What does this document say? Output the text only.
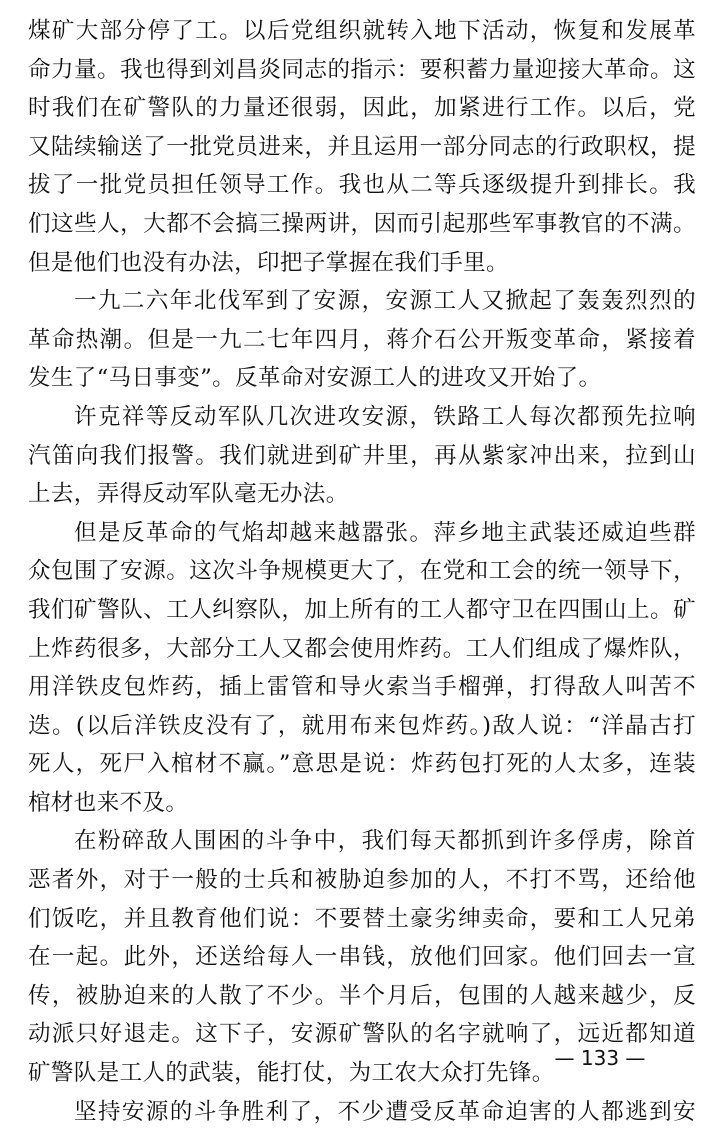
煤矿大部分停了工。以后党组织就转入地下活动，恢复和发展革
命力量。我也得到刘昌炎同志的指示：要积蓄力量迎接大革命。这
时我们在矿警队的力量还很弱，因此，加紧进行工作。以后，党
又陆续输送了一批党员进来，并且运用一部分同志的行政职权，提
拔了一批党员担任领导工作。我也从二等兵逐级提升到排长。我
们这些人，大都不会搞三操两讲，因而引起那些军事教官的不满。
但是他们也没有办法，印把子掌握在我们手里。
一九二六年北伐军到了安源，安源工人又掀起了轰轰烈烈的
革命热潮。但是一九二七年四月，蒋介石公开叛变革命，紧接着
发生了“马日事变”。反革命对安源工人的进攻又开始了。
许克祥等反动军队几次进攻安源，铁路工人每次都预先拉响
汽笛向我们报警。我们就进到矿井里，再从紫家冲出来，拉到山
上去，弄得反动军队毫无办法。
但是反革命的气焰却越来越嚣张。萍乡地主武装还威迫些群
众包围了安源。这次斗争规模更大了，在党和工会的统一领导下，
我们矿警队、工人纠察队，加上所有的工人都守卫在四围山上。矿
上炸药很多，大部分工人又都会使用炸药。工人们组成了爆炸队，
用洋铁皮包炸药，插上雷管和导火索当手榴弹，打得敌人叫苦不
迭。(以后洋铁皮没有了，就用布来包炸药。)敌人说：“洋晶古打
死人，死尸入棺材不赢。”意思是说：炸药包打死的人太多，连装
棺材也来不及。
在粉碎敌人围困的斗争中，我们每天都抓到许多俘虏，除首
恶者外，对于一般的士兵和被胁迫参加的人，不打不骂，还给他
们饭吃，并且教育他们说：不要替土豪劣绅卖命，要和工人兄弟
在一起。此外，还送给每人一串钱，放他们回家。他们回去一宣
传，被胁迫来的人散了不少。半个月后，包围的人越来越少，反
动派只好退走。这下子，安源矿警队的名字就响了，远近都知道
矿警队是工人的武装，能打仗，为工农大众打先锋。
坚持安源的斗争胜利了，不少遭受反革命迫害的人都逃到安
— 133 —
